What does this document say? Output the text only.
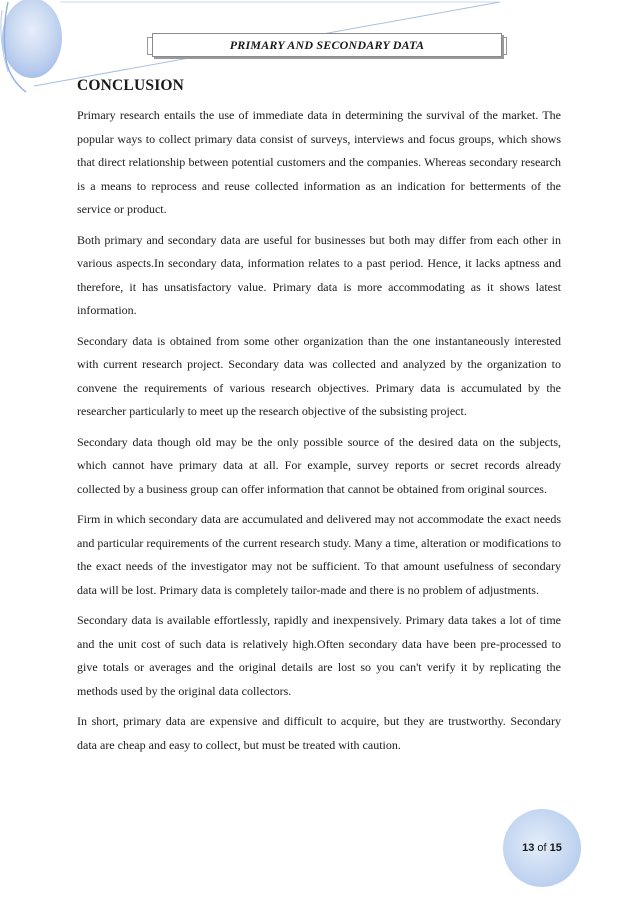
PRIMARY AND SECONDARY DATA
CONCLUSION

Primary research entails the use of immediate data in determining the survival of the market. The popular ways to collect primary data consist of surveys, interviews and focus groups, which shows that direct relationship between potential customers and the companies. Whereas secondary research is a means to reprocess and reuse collected information as an indication for betterments of the service or product.

Both primary and secondary data are useful for businesses but both may differ from each other in various aspects.In secondary data, information relates to a past period. Hence, it lacks aptness and therefore, it has unsatisfactory value. Primary data is more accommodating as it shows latest information.

Secondary data is obtained from some other organization than the one instantaneously interested with current research project. Secondary data was collected and analyzed by the organization to convene the requirements of various research objectives. Primary data is accumulated by the researcher particularly to meet up the research objective of the subsisting project.

Secondary data though old may be the only possible source of the desired data on the subjects, which cannot have primary data at all. For example, survey reports or secret records already collected by a business group can offer information that cannot be obtained from original sources.

Firm in which secondary data are accumulated and delivered may not accommodate the exact needs and particular requirements of the current research study. Many a time, alteration or modifications to the exact needs of the investigator may not be sufficient. To that amount usefulness of secondary data will be lost. Primary data is completely tailor-made and there is no problem of adjustments.

Secondary data is available effortlessly, rapidly and inexpensively. Primary data takes a lot of time and the unit cost of such data is relatively high.Often secondary data have been pre-processed to give totals or averages and the original details are lost so you can't verify it by replicating the methods used by the original data collectors.

In short, primary data are expensive and difficult to acquire, but they are trustworthy. Secondary data are cheap and easy to collect, but must be treated with caution.

13 of 15
